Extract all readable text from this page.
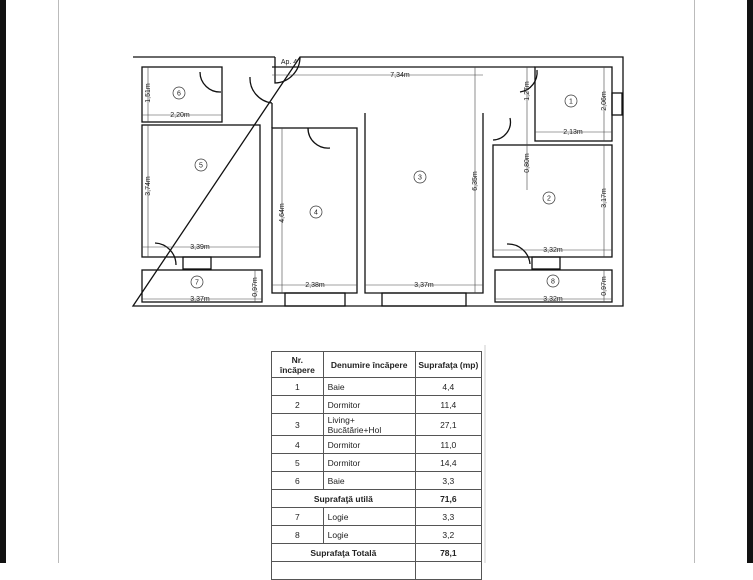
Ap. 4
7,34m
2,20m
1,51m
3,74m
3,39m
3,37m
0,97m
4,64m
2,38m	3,37m
6,35m
1,27m
0,80m
2,06m
2,13m
3,17m
3,32m
3,32m
0,97m
1
2
3
4
5
6
7	8
Nr. încăpere	Denumire încăpere	Suprafaţa (mp)
1	Baie	4,4
2	Dormitor	11,4
3	Living+ Bucătărie+Hol	27,1
4	Dormitor	11,0
5	Dormitor	14,4
6	Baie	3,3
Suprafaţă utilă		71,6
7	Logie	3,3
8	Logie	3,2
Suprafaţa Totală		78,1
